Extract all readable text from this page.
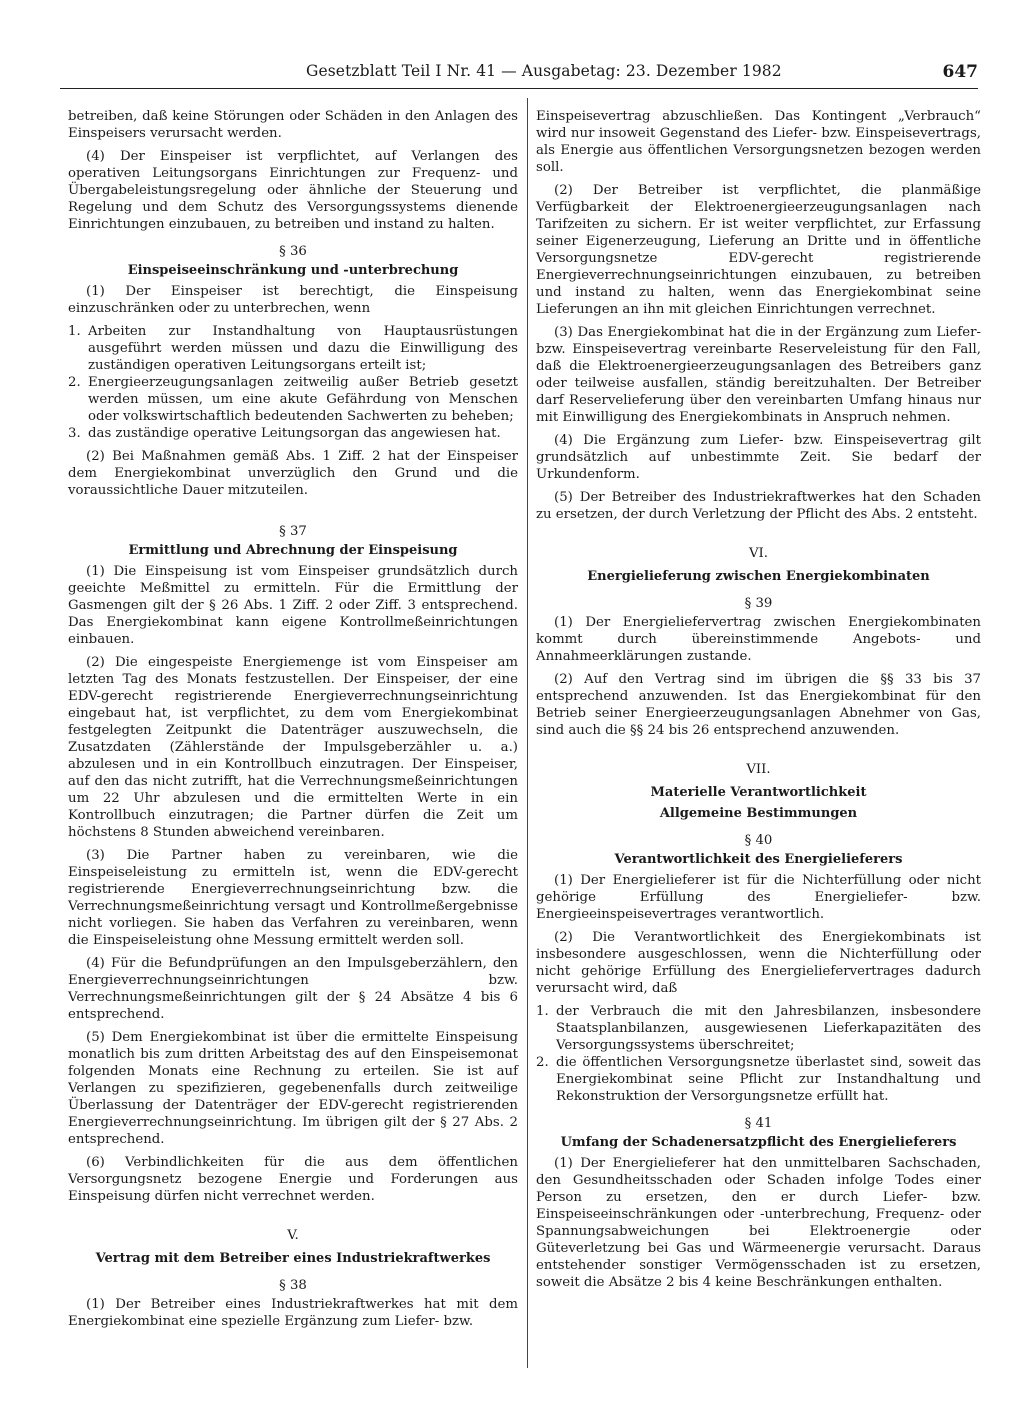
Gesetzblatt Teil I Nr. 41 — Ausgabetag: 23. Dezember 1982	647

betreiben, daß keine Störungen oder Schäden in den Anlagen des Einspeisers verursacht werden.

(4) Der Einspeiser ist verpflichtet, auf Verlangen des operativen Leitungsorgans Einrichtungen zur Frequenz- und Übergabeleistungsregelung oder ähnliche der Steuerung und Regelung und dem Schutz des Versorgungssystems dienende Einrichtungen einzubauen, zu betreiben und instand zu halten.

§ 36
Einspeiseeinschränkung und -unterbrechung

(1) Der Einspeiser ist berechtigt, die Einspeisung einzuschränken oder zu unterbrechen, wenn

1. Arbeiten zur Instandhaltung von Hauptausrüstungen ausgeführt werden müssen und dazu die Einwilligung des zuständigen operativen Leitungsorgans erteilt ist;
2. Energieerzeugungsanlagen zeitweilig außer Betrieb gesetzt werden müssen, um eine akute Gefährdung von Menschen oder volkswirtschaftlich bedeutenden Sachwerten zu beheben;
3. das zuständige operative Leitungsorgan das angewiesen hat.

(2) Bei Maßnahmen gemäß Abs. 1 Ziff. 2 hat der Einspeiser dem Energiekombinat unverzüglich den Grund und die voraussichtliche Dauer mitzuteilen.

§ 37
Ermittlung und Abrechnung der Einspeisung

(1) Die Einspeisung ist vom Einspeiser grundsätzlich durch geeichte Meßmittel zu ermitteln. Für die Ermittlung der Gasmengen gilt der § 26 Abs. 1 Ziff. 2 oder Ziff. 3 entsprechend. Das Energiekombinat kann eigene Kontrollmeßeinrichtungen einbauen.

(2) Die eingespeiste Energiemenge ist vom Einspeiser am letzten Tag des Monats festzustellen. Der Einspeiser, der eine EDV-gerecht registrierende Energieverrechnungseinrichtung eingebaut hat, ist verpflichtet, zu dem vom Energiekombinat festgelegten Zeitpunkt die Datenträger auszuwechseln, die Zusatzdaten (Zählerstände der Impulsgeberzähler u. a.) abzulesen und in ein Kontrollbuch einzutragen. Der Einspeiser, auf den das nicht zutrifft, hat die Verrechnungsmeßeinrichtungen um 22 Uhr abzulesen und die ermittelten Werte in ein Kontrollbuch einzutragen; die Partner dürfen die Zeit um höchstens 8 Stunden abweichend vereinbaren.

(3) Die Partner haben zu vereinbaren, wie die Einspeiseleistung zu ermitteln ist, wenn die EDV-gerecht registrierende Energieverrechnungseinrichtung bzw. die Verrechnungsmeßeinrichtung versagt und Kontrollmeßergebnisse nicht vorliegen. Sie haben das Verfahren zu vereinbaren, wenn die Einspeiseleistung ohne Messung ermittelt werden soll.

(4) Für die Befundprüfungen an den Impulsgeberzählern, den Energieverrechnungseinrichtungen bzw. Verrechnungsmeßeinrichtungen gilt der § 24 Absätze 4 bis 6 entsprechend.

(5) Dem Energiekombinat ist über die ermittelte Einspeisung monatlich bis zum dritten Arbeitstag des auf den Einspeisemonat folgenden Monats eine Rechnung zu erteilen. Sie ist auf Verlangen zu spezifizieren, gegebenenfalls durch zeitweilige Überlassung der Datenträger der EDV-gerecht registrierenden Energieverrechnungseinrichtung. Im übrigen gilt der § 27 Abs. 2 entsprechend.

(6) Verbindlichkeiten für die aus dem öffentlichen Versorgungsnetz bezogene Energie und Forderungen aus Einspeisung dürfen nicht verrechnet werden.

V.
Vertrag mit dem Betreiber eines Industriekraftwerkes
§ 38

(1) Der Betreiber eines Industriekraftwerkes hat mit dem Energiekombinat eine spezielle Ergänzung zum Liefer- bzw.

Einspeisevertrag abzuschließen. Das Kontingent „Verbrauch“ wird nur insoweit Gegenstand des Liefer- bzw. Einspeisevertrags, als Energie aus öffentlichen Versorgungsnetzen bezogen werden soll.

(2) Der Betreiber ist verpflichtet, die planmäßige Verfügbarkeit der Elektroenergieerzeugungsanlagen nach Tarifzeiten zu sichern. Er ist weiter verpflichtet, zur Erfassung seiner Eigenerzeugung, Lieferung an Dritte und in öffentliche Versorgungsnetze EDV-gerecht registrierende Energieverrechnungseinrichtungen einzubauen, zu betreiben und instand zu halten, wenn das Energiekombinat seine Lieferungen an ihn mit gleichen Einrichtungen verrechnet.

(3) Das Energiekombinat hat die in der Ergänzung zum Liefer- bzw. Einspeisevertrag vereinbarte Reserveleistung für den Fall, daß die Elektroenergieerzeugungsanlagen des Betreibers ganz oder teilweise ausfallen, ständig bereitzuhalten. Der Betreiber darf Reservelieferung über den vereinbarten Umfang hinaus nur mit Einwilligung des Energiekombinats in Anspruch nehmen.

(4) Die Ergänzung zum Liefer- bzw. Einspeisevertrag gilt grundsätzlich auf unbestimmte Zeit. Sie bedarf der Urkundenform.

(5) Der Betreiber des Industriekraftwerkes hat den Schaden zu ersetzen, der durch Verletzung der Pflicht des Abs. 2 entsteht.

VI.
Energielieferung zwischen Energiekombinaten
§ 39

(1) Der Energieliefervertrag zwischen Energiekombinaten kommt durch übereinstimmende Angebots- und Annahmeerklärungen zustande.

(2) Auf den Vertrag sind im übrigen die §§ 33 bis 37 entsprechend anzuwenden. Ist das Energiekombinat für den Betrieb seiner Energieerzeugungsanlagen Abnehmer von Gas, sind auch die §§ 24 bis 26 entsprechend anzuwenden.

VII.
Materielle Verantwortlichkeit
Allgemeine Bestimmungen
§ 40
Verantwortlichkeit des Energielieferers

(1) Der Energielieferer ist für die Nichterfüllung oder nicht gehörige Erfüllung des Energieliefer- bzw. Energieeinspeisevertrages verantwortlich.

(2) Die Verantwortlichkeit des Energiekombinats ist insbesondere ausgeschlossen, wenn die Nichterfüllung oder nicht gehörige Erfüllung des Energieliefervertrages dadurch verursacht wird, daß

1. der Verbrauch die mit den Jahresbilanzen, insbesondere Staatsplanbilanzen, ausgewiesenen Lieferkapazitäten des Versorgungssystems überschreitet;
2. die öffentlichen Versorgungsnetze überlastet sind, soweit das Energiekombinat seine Pflicht zur Instandhaltung und Rekonstruktion der Versorgungsnetze erfüllt hat.
§ 41
Umfang der Schadenersatzpflicht des Energielieferers

(1) Der Energielieferer hat den unmittelbaren Sachschaden, den Gesundheitsschaden oder Schaden infolge Todes einer Person zu ersetzen, den er durch Liefer- bzw. Einspeiseeinschränkungen oder -unterbrechung, Frequenz- oder Spannungsabweichungen bei Elektroenergie oder Güteverletzung bei Gas und Wärmeenergie verursacht. Daraus entstehender sonstiger Vermögensschaden ist zu ersetzen, soweit die Absätze 2 bis 4 keine Beschränkungen enthalten.
